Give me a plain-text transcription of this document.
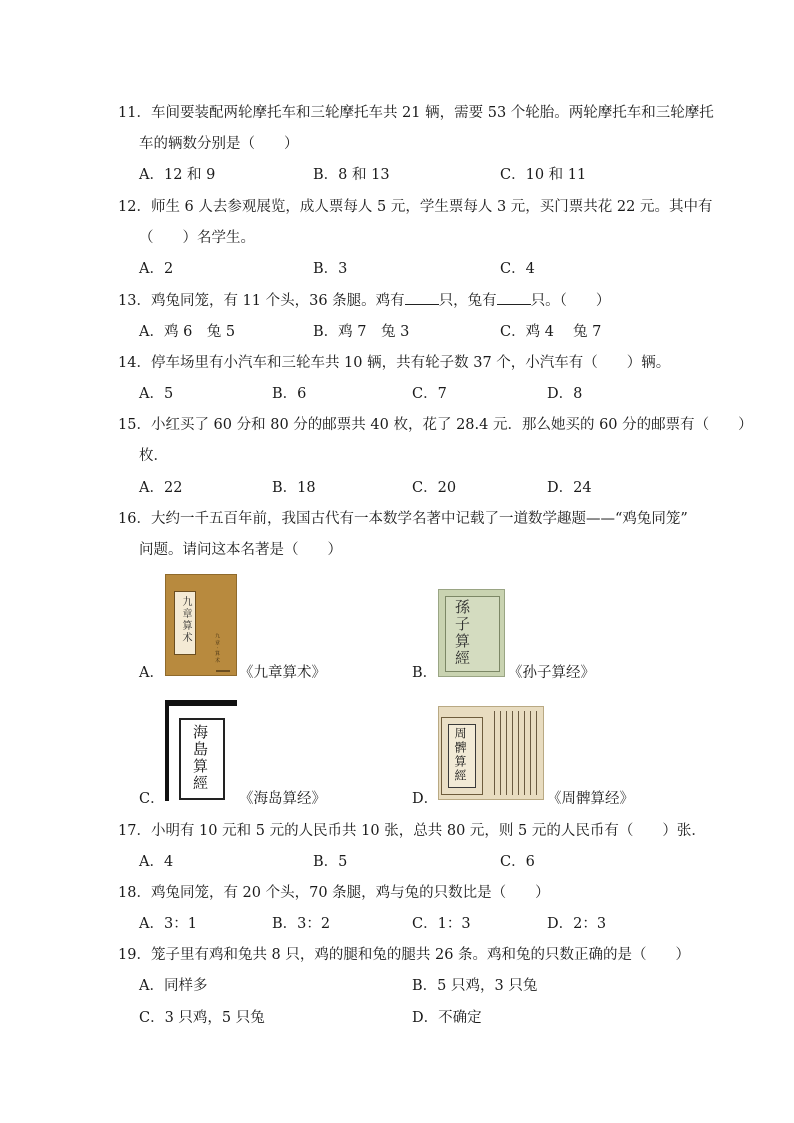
11．车间要装配两轮摩托车和三轮摩托车共 21 辆，需要 53 个轮胎。两轮摩托车和三轮摩托
车的辆数分别是（　　）
A．12 和 9	B．8 和 13	C．10 和 11
12．师生 6 人去参观展览，成人票每人 5 元，学生票每人 3 元，买门票共花 22 元。其中有
（　　）名学生。
A．2	B．3	C．4
13．鸡兔同笼，有 11 个头，36 条腿。鸡有 只，兔有 只。（　　）
A．鸡 6　兔 5	B．鸡 7　兔 3	C．鸡 4　 兔 7
14．停车场里有小汽车和三轮车共 10 辆，共有轮子数 37 个，小汽车有（　　）辆。
A．5	B．6	C．7	D．8
15．小红买了 60 分和 80 分的邮票共 40 枚，花了 28.4 元．那么她买的 60 分的邮票有（　　）
枚．
A．22	B．18	C．20	D．24
16．大约一千五百年前，我国古代有一本数学名著中记载了一道数学趣题——“鸡兔同笼”
问题。请问这本名著是（　　）
A．
九章算术
九章·算术
《九章算术》	B．
孫子算經
《孙子算经》
C．
海島算經
《海岛算经》	D．
周髀算經
《周髀算经》
17．小明有 10 元和 5 元的人民币共 10 张，总共 80 元，则 5 元的人民币有（　　）张．
A．4	B．5	C．6
18．鸡兔同笼，有 20 个头，70 条腿，鸡与兔的只数比是（　　）
A．3：1	B．3：2	C．1：3	D．2：3
19．笼子里有鸡和兔共 8 只，鸡的腿和兔的腿共 26 条。鸡和兔的只数正确的是（　　）
A．同样多	B．5 只鸡，3 只兔
C．3 只鸡，5 只兔	D．不确定
